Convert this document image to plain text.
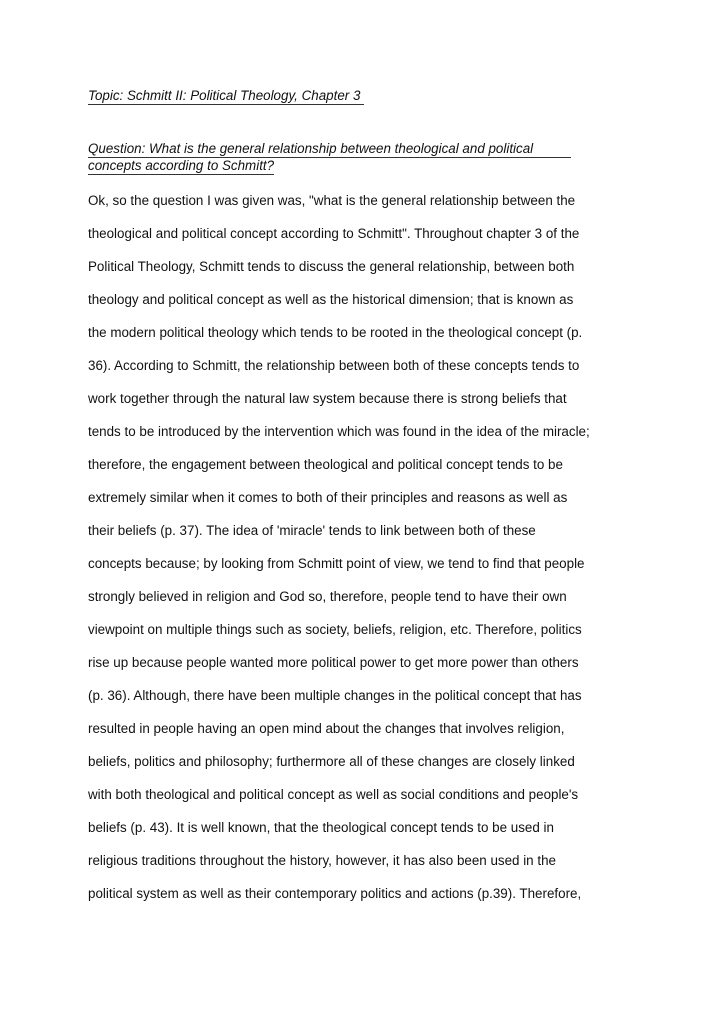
Topic: Schmitt II: Political Theology, Chapter 3
Question: What is the general relationship between theological and political
concepts according to Schmitt?
Ok, so the question I was given was, "what is the general relationship between the
theological and political concept according to Schmitt". Throughout chapter 3 of the
Political Theology, Schmitt tends to discuss the general relationship, between both
theology and political concept as well as the historical dimension; that is known as
the modern political theology which tends to be rooted in the theological concept (p.
36). According to Schmitt, the relationship between both of these concepts tends to
work together through the natural law system because there is strong beliefs that
tends to be introduced by the intervention which was found in the idea of the miracle;
therefore, the engagement between theological and political concept tends to be
extremely similar when it comes to both of their principles and reasons as well as
their beliefs (p. 37). The idea of 'miracle' tends to link between both of these
concepts because; by looking from Schmitt point of view, we tend to find that people
strongly believed in religion and God so, therefore, people tend to have their own
viewpoint on multiple things such as society, beliefs, religion, etc. Therefore, politics
rise up because people wanted more political power to get more power than others
(p. 36). Although, there have been multiple changes in the political concept that has
resulted in people having an open mind about the changes that involves religion,
beliefs, politics and philosophy; furthermore all of these changes are closely linked
with both theological and political concept as well as social conditions and people's
beliefs (p. 43). It is well known, that the theological concept tends to be used in
religious traditions throughout the history, however, it has also been used in the
political system as well as their contemporary politics and actions (p.39). Therefore,
